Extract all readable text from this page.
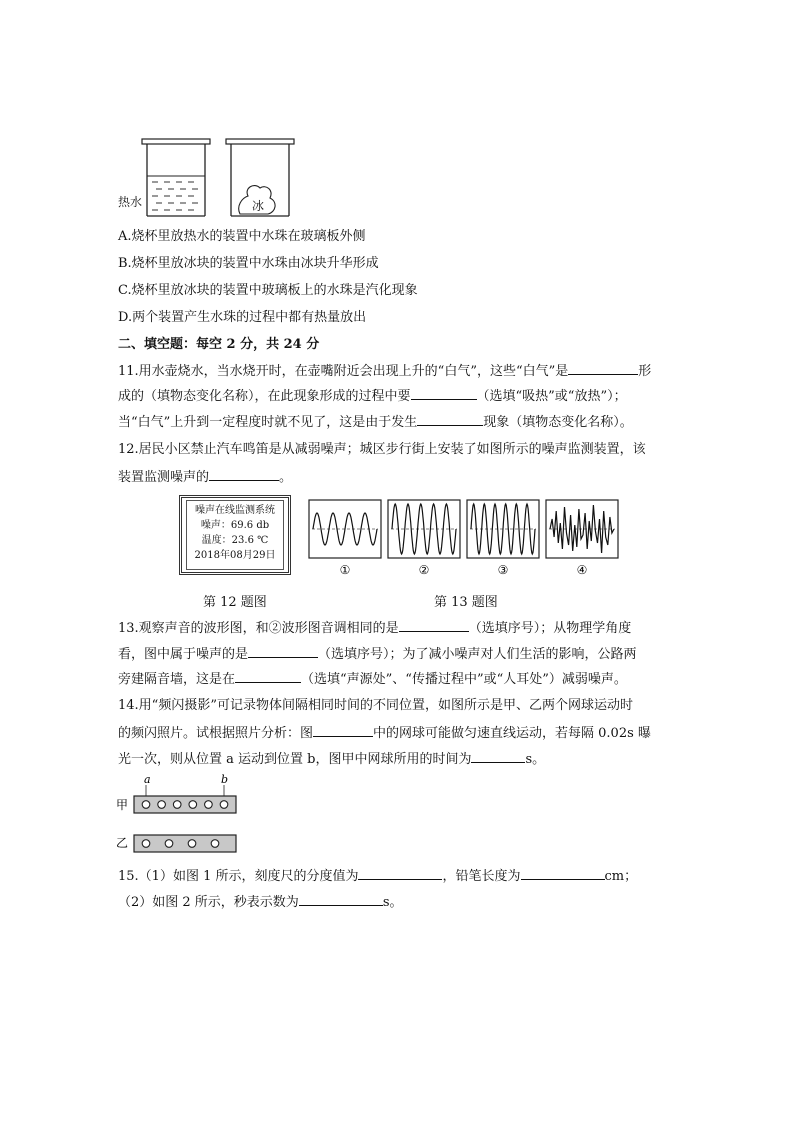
热水	冰
A.烧杯里放热水的装置中水珠在玻璃板外侧
B.烧杯里放冰块的装置中水珠由冰块升华形成
C.烧杯里放冰块的装置中玻璃板上的水珠是汽化现象
D.两个装置产生水珠的过程中都有热量放出
二、填空题：每空 2 分，共 24 分
11.用水壶烧水，当水烧开时，在壶嘴附近会出现上升的“白气”，这些“白气”是	形
成的（填物态变化名称），在此现象形成的过程中要	（选填“吸热”或“放热”）；
当“白气”上升到一定程度时就不见了，这是由于发生	现象（填物态变化名称）。
12.居民小区禁止汽车鸣笛是从减弱噪声；城区步行街上安装了如图所示的噪声监测装置，该
装置监测噪声的	。
噪声在线监测系统
噪声：69.6 db
温度：23.6 ℃
2018年08月29日
①	②	③	④
第 12 题图	第 13 题图
13.观察声音的波形图，和②波形图音调相同的是	（选填序号）；从物理学角度
看，图中属于噪声的是	（选填序号）；为了减小噪声对人们生活的影响，公路两
旁建隔音墙，这是在	（选填“声源处”、“传播过程中”或“人耳处”）减弱噪声。
14.用“频闪摄影”可记录物体间隔相同时间的不同位置，如图所示是甲、乙两个网球运动时
的频闪照片。试根据照片分析：图	中的网球可能做匀速直线运动，若每隔 0.02s 曝
光一次，则从位置 a 运动到位置 b，图甲中网球所用的时间为	s。
a	b
甲
乙
15.（1）如图 1 所示，刻度尺的分度值为	，铅笔长度为	cm；
（2）如图 2 所示，秒表示数为	s。
